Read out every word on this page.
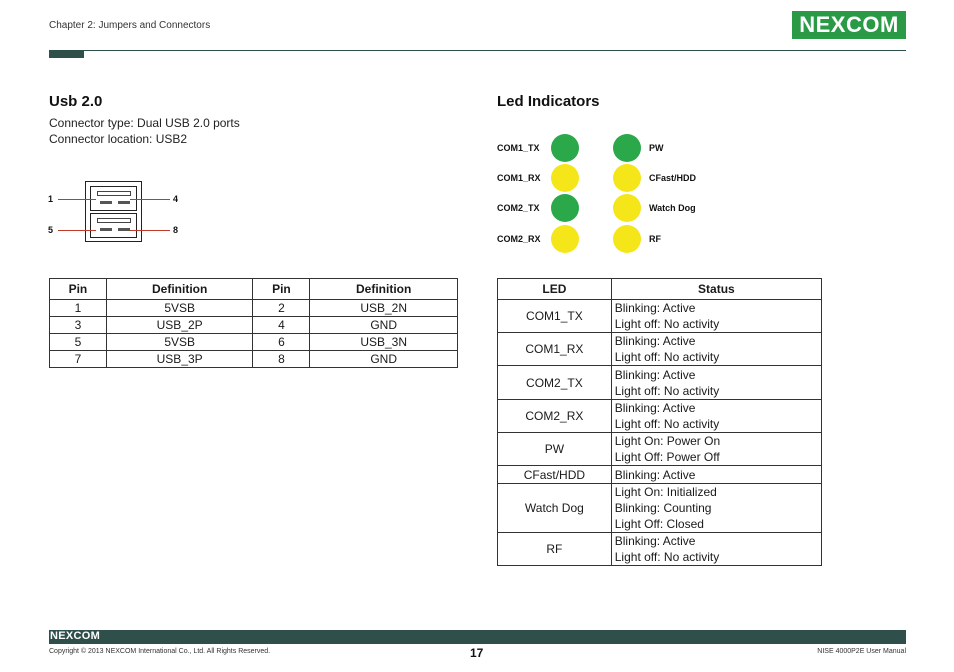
Chapter 2: Jumpers and Connectors	NEXCOM
Usb 2.0
Connector type: Dual USB 2.0 ports
Connector location: USB2
1	4
5	8
Pin	Definition	Pin	Definition
1	5VSB	2	USB_2N
3	USB_2P	4	GND
5	5VSB	6	USB_3N
7	USB_3P	8	GND
Led Indicators
COM1_TX
COM1_RX
COM2_TX
COM2_RX
PW
CFast/HDD
Watch Dog
RF
LED	Status
COM1_TX	Blinking: Active
Light off: No activity

COM1_RX	Blinking: Active
Light off: No activity

COM2_TX	Blinking: Active
Light off: No activity

COM2_RX	Blinking: Active
Light off: No activity

PW	Light On: Power On
Light Off: Power Off

CFast/HDD	Blinking: Active

Watch Dog	Light On: Initialized
Blinking: Counting
Light Off: Closed

RF	Blinking: Active
Light off: No activity
NEXCOM
Copyright © 2013 NEXCOM International Co., Ltd. All Rights Reserved.	17	NISE 4000P2E User Manual
